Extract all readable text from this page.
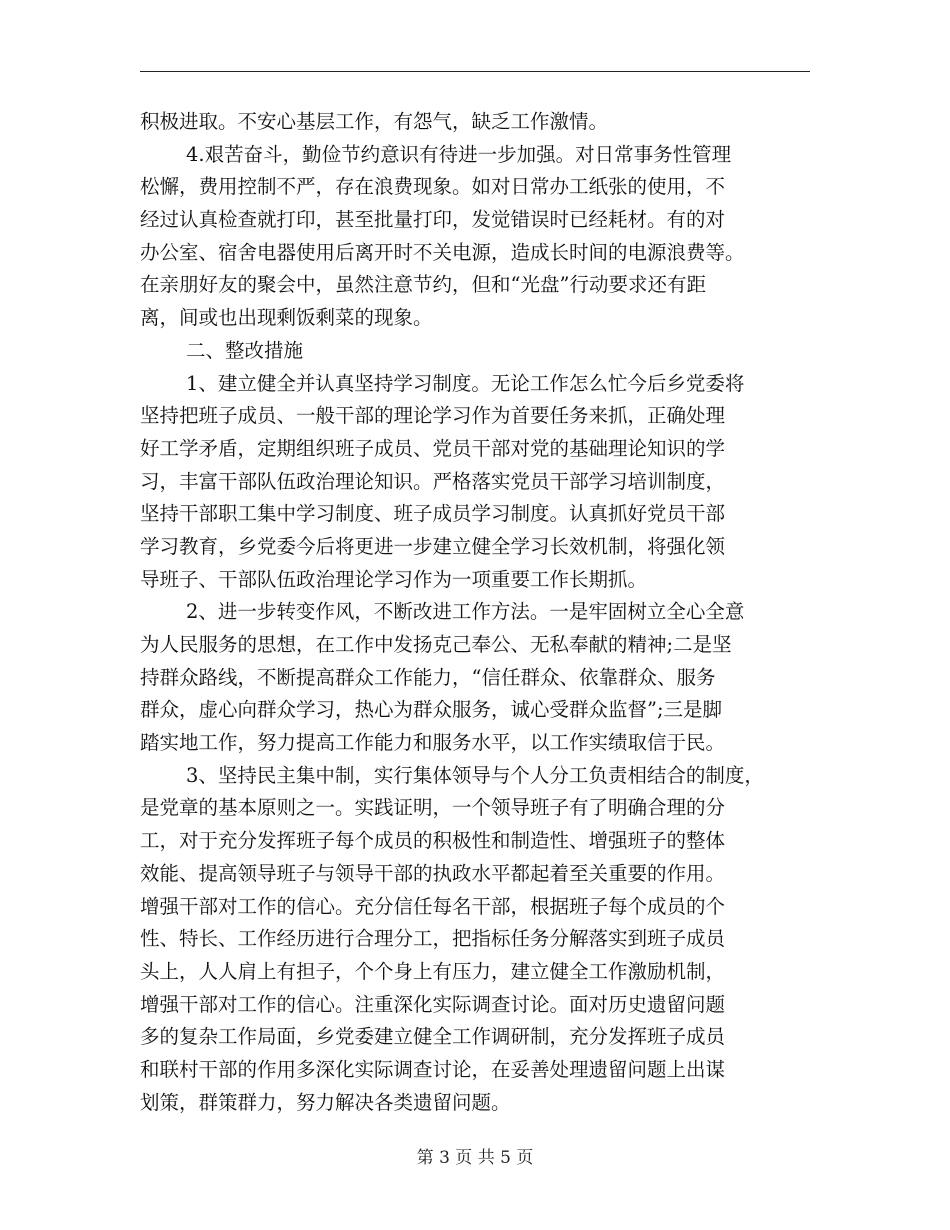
积极进取。不安心基层工作，有怨气，缺乏工作激情。
4.艰苦奋斗，勤俭节约意识有待进一步加强。对日常事务性管理
松懈，费用控制不严，存在浪费现象。如对日常办工纸张的使用，不
经过认真检查就打印，甚至批量打印，发觉错误时已经耗材。有的对
办公室、宿舍电器使用后离开时不关电源，造成长时间的电源浪费等。
在亲朋好友的聚会中，虽然注意节约，但和“光盘”行动要求还有距
离，间或也出现剩饭剩菜的现象。
二、整改措施
1、建立健全并认真坚持学习制度。无论工作怎么忙今后乡党委将
坚持把班子成员、一般干部的理论学习作为首要任务来抓，正确处理
好工学矛盾，定期组织班子成员、党员干部对党的基础理论知识的学
习，丰富干部队伍政治理论知识。严格落实党员干部学习培训制度，
坚持干部职工集中学习制度、班子成员学习制度。认真抓好党员干部
学习教育，乡党委今后将更进一步建立健全学习长效机制，将强化领
导班子、干部队伍政治理论学习作为一项重要工作长期抓。
2、进一步转变作风，不断改进工作方法。一是牢固树立全心全意
为人民服务的思想，在工作中发扬克己奉公、无私奉献的精神;二是坚
持群众路线，不断提高群众工作能力，“信任群众、依靠群众、服务
群众，虚心向群众学习，热心为群众服务，诚心受群众监督”;三是脚
踏实地工作，努力提高工作能力和服务水平，以工作实绩取信于民。
3、坚持民主集中制，实行集体领导与个人分工负责相结合的制度，
是党章的基本原则之一。实践证明，一个领导班子有了明确合理的分
工，对于充分发挥班子每个成员的积极性和制造性、增强班子的整体
效能、提高领导班子与领导干部的执政水平都起着至关重要的作用。
增强干部对工作的信心。充分信任每名干部，根据班子每个成员的个
性、特长、工作经历进行合理分工，把指标任务分解落实到班子成员
头上，人人肩上有担子，个个身上有压力，建立健全工作激励机制，
增强干部对工作的信心。注重深化实际调查讨论。面对历史遗留问题
多的复杂工作局面，乡党委建立健全工作调研制，充分发挥班子成员
和联村干部的作用多深化实际调查讨论，在妥善处理遗留问题上出谋
划策，群策群力，努力解决各类遗留问题。
第 3 页 共 5 页
